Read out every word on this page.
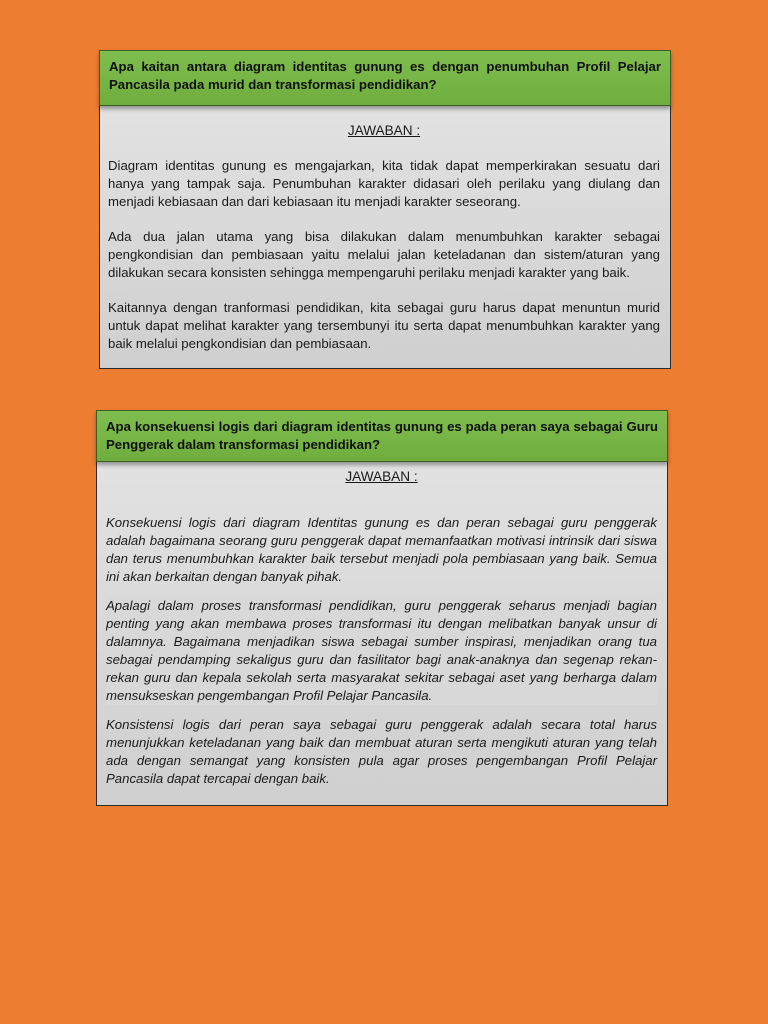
JAWABAN :

Diagram identitas gunung es mengajarkan, kita tidak dapat memperkirakan sesuatu dari hanya yang tampak saja. Penumbuhan karakter didasari oleh perilaku yang diulang dan menjadi kebiasaan dan dari kebiasaan itu menjadi karakter seseorang.

Ada dua jalan utama yang bisa dilakukan dalam menumbuhkan karakter sebagai pengkondisian dan pembiasaan yaitu melalui jalan keteladanan dan sistem/aturan yang dilakukan secara konsisten sehingga mempengaruhi perilaku menjadi karakter yang baik.

Kaitannya dengan tranformasi pendidikan, kita sebagai guru harus dapat menuntun murid untuk dapat melihat karakter yang tersembunyi itu serta dapat menumbuhkan karakter yang baik melalui pengkondisian dan pembiasaan.

Apa kaitan antara diagram identitas gunung es dengan penumbuhan Profil Pelajar Pancasila pada murid dan transformasi pendidikan?

JAWABAN :

Konsekuensi logis dari diagram Identitas gunung es dan peran sebagai guru penggerak adalah bagaimana seorang guru penggerak dapat memanfaatkan motivasi intrinsik dari siswa dan terus menumbuhkan karakter baik tersebut menjadi pola pembiasaan yang baik. Semua ini akan berkaitan dengan banyak pihak.

Apalagi dalam proses transformasi pendidikan, guru penggerak seharus menjadi bagian penting yang akan membawa proses transformasi itu dengan melibatkan banyak unsur di dalamnya. Bagaimana menjadikan siswa sebagai sumber inspirasi, menjadikan orang tua sebagai pendamping sekaligus guru dan fasilitator bagi anak-anaknya dan segenap rekan-rekan guru dan kepala sekolah serta masyarakat sekitar sebagai aset yang berharga dalam mensukseskan pengembangan Profil Pelajar Pancasila.

Konsistensi logis dari peran saya sebagai guru penggerak adalah secara total harus menunjukkan keteladanan yang baik dan membuat aturan serta mengikuti aturan yang telah ada dengan semangat yang konsisten pula agar proses pengembangan Profil Pelajar Pancasila dapat tercapai dengan baik.

Apa konsekuensi logis dari diagram identitas gunung es pada peran saya sebagai Guru Penggerak dalam transformasi pendidikan?
